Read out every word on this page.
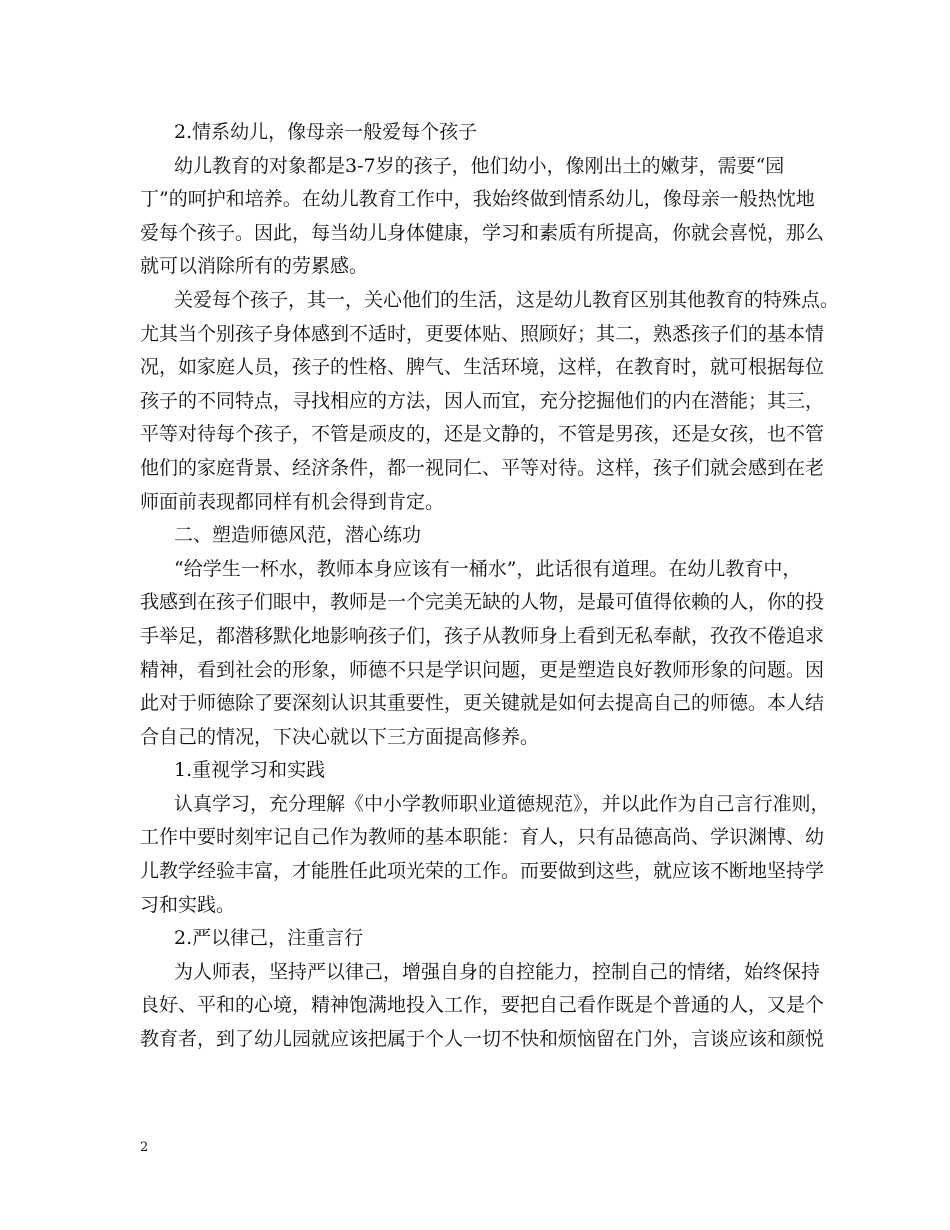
2.情系幼儿，像母亲一般爱每个孩子
幼儿教育的对象都是3-7岁的孩子，他们幼小，像刚出土的嫩芽，需要“园
丁”的呵护和培养。在幼儿教育工作中，我始终做到情系幼儿，像母亲一般热忱地
爱每个孩子。因此，每当幼儿身体健康，学习和素质有所提高，你就会喜悦，那么
就可以消除所有的劳累感。
关爱每个孩子，其一，关心他们的生活，这是幼儿教育区别其他教育的特殊点。
尤其当个别孩子身体感到不适时，更要体贴、照顾好；其二，熟悉孩子们的基本情
况，如家庭人员，孩子的性格、脾气、生活环境，这样，在教育时，就可根据每位
孩子的不同特点，寻找相应的方法，因人而宜，充分挖掘他们的内在潜能；其三，
平等对待每个孩子，不管是顽皮的，还是文静的，不管是男孩，还是女孩，也不管
他们的家庭背景、经济条件，都一视同仁、平等对待。这样，孩子们就会感到在老
师面前表现都同样有机会得到肯定。
二、塑造师德风范，潜心练功
“给学生一杯水，教师本身应该有一桶水”，此话很有道理。在幼儿教育中，
我感到在孩子们眼中，教师是一个完美无缺的人物，是最可值得依赖的人，你的投
手举足，都潜移默化地影响孩子们，孩子从教师身上看到无私奉献，孜孜不倦追求
精神，看到社会的形象，师德不只是学识问题，更是塑造良好教师形象的问题。因
此对于师德除了要深刻认识其重要性，更关键就是如何去提高自己的师德。本人结
合自己的情况，下决心就以下三方面提高修养。
1.重视学习和实践
认真学习，充分理解《中小学教师职业道德规范》，并以此作为自己言行准则，
工作中要时刻牢记自己作为教师的基本职能：育人，只有品德高尚、学识渊博、幼
儿教学经验丰富，才能胜任此项光荣的工作。而要做到这些，就应该不断地坚持学
习和实践。
2.严以律己，注重言行
为人师表，坚持严以律己，增强自身的自控能力，控制自己的情绪，始终保持
良好、平和的心境，精神饱满地投入工作，要把自己看作既是个普通的人，又是个
教育者，到了幼儿园就应该把属于个人一切不快和烦恼留在门外，言谈应该和颜悦
2
